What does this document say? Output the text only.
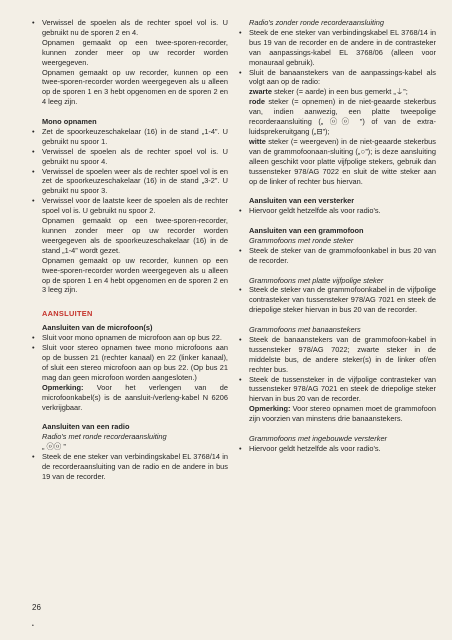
• Verwissel de spoelen als de rechter spoel vol is. U gebruikt nu de sporen 2 en 4.

Opnamen gemaakt op een twee-sporen-recorder, kunnen zonder meer op uw recorder worden weergegeven.

Opnamen gemaakt op uw recorder, kunnen op een twee-sporen-recorder worden weergegeven als u alleen op de sporen 1 en 3 hebt opgenomen en de sporen 2 en 4 leeg zijn.

Mono opnamen

• Zet de spoorkeuzeschakelaar (16) in de stand „1-4”. U gebruikt nu spoor 1.

• Verwissel de spoelen als de rechter spoel vol is. U gebruikt nu spoor 4.

• Verwissel de spoelen weer als de rechter spoel vol is en zet de spoorkeuzeschakelaar (16) in de stand „3-2”. U gebruikt nu spoor 3.

• Verwissel voor de laatste keer de spoelen als de rechter spoel vol is. U gebruikt nu spoor 2.

Opnamen gemaakt op een twee-sporen-recorder, kunnen zonder meer op uw recorder worden weergegeven als de spoorkeuzeschakelaar (16) in de stand „1-4” wordt gezet.

Opnamen gemaakt op uw recorder, kunnen op een twee-sporen-recorder worden weergegeven als u alleen op de sporen 1 en 4 hebt opgenomen en de sporen 2 en 3 leeg zijn.

AANSLUITEN

Aansluiten van de microfoon(s)

• Sluit voor mono opnamen de microfoon aan op bus 22.

• Sluit voor stereo opnamen twee mono microfoons aan op de bussen 21 (rechter kanaal) en 22 (linker kanaal), of sluit een stereo microfoon aan op bus 22. (Op bus 21 mag dan geen microfoon worden aangesloten.)

Opmerking: Voor het verlengen van de microfoonkabel(s) is de aansluit-/verleng-kabel N 6206 verkrijgbaar.

Aansluiten van een radio

Radio's met ronde recorderaansluiting

„ ⓞⓞ ”

• Steek de ene steker van verbindingskabel EL 3768/14 in de recorderaansluiting van de radio en de andere in bus 19 van de recorder.

Radio's zonder ronde recorderaansluiting

• Steek de ene steker van verbindingskabel EL 3768/14 in bus 19 van de recorder en de andere in de contrasteker van aanpassings-kabel EL 3768/06 (alleen voor monauraal gebruik).

• Sluit de banaanstekers van de aanpassings-kabel als volgt aan op de radio:

zwarte steker (= aarde) in een bus gemerkt „⏚”;

rode steker (= opnemen) in de niet-geaarde stekerbus van, indien aanwezig, een platte tweepolige recorderaansluiting („ ⓞⓞ ”) of van de extra-luidsprekeruitgang („⊟”);

witte steker (= weergeven) in de niet-geaarde stekerbus van de grammofoonaan-sluiting („○”); is deze aansluiting alleen geschikt voor platte vijfpolige stekers, gebruik dan tussensteker 978/AG 7022 en sluit de witte steker aan op de linker of rechter bus hiervan.

Aansluiten van een versterker

• Hiervoor geldt hetzelfde als voor radio's.

Aansluiten van een grammofoon

Grammofoons met ronde steker

• Steek de steker van de grammofoonkabel in bus 20 van de recorder.

Grammofoons met platte vijfpolige steker

• Steek de steker van de grammofoonkabel in de vijfpolige contrasteker van tussensteker 978/AG 7021 en steek de driepolige steker hiervan in bus 20 van de recorder.

Grammofoons met banaanstekers

• Steek de banaanstekers van de grammofoon-kabel in tussensteker 978/AG 7022; zwarte steker in de middelste bus, de andere steker(s) in de linker of/en rechter bus.

• Steek de tussensteker in de vijfpolige contrasteker van tussensteker 978/AG 7021 en steek de driepolige steker hiervan in bus 20 van de recorder.

Opmerking: Voor stereo opnamen moet de grammofoon zijn voorzien van minstens drie banaanstekers.

Grammofoons met ingebouwde versterker

• Hiervoor geldt hetzelfde als voor radio's.

26
•
